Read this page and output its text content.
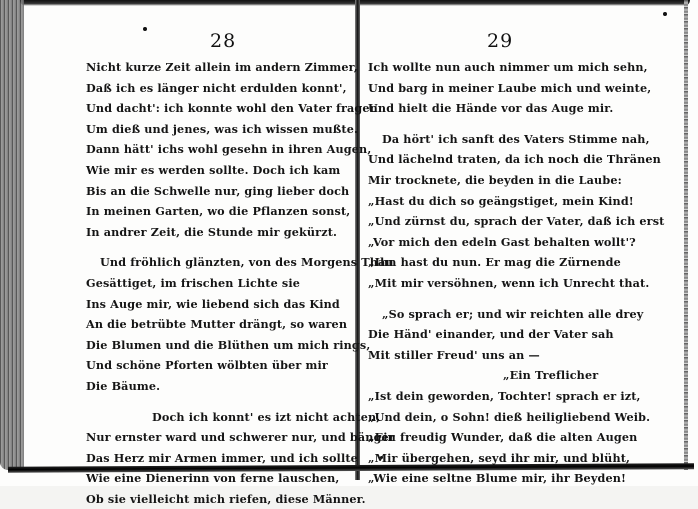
28
Nicht kurze Zeit allein im andern Zimmer,
Daß ich es länger nicht erdulden konnt',
Und dacht': ich konnte wohl den Vater fragen
Um dieß und jenes, was ich wissen mußte.
Dann hätt' ichs wohl gesehn in ihren Augen,
Wie mir es werden sollte. Doch ich kam
Bis an die Schwelle nur, ging lieber doch
In meinen Garten, wo die Pflanzen sonst,
In andrer Zeit, die Stunde mir gekürzt.
Und fröhlich glänzten, von des Morgens Thau
Gesättiget, im frischen Lichte sie
Ins Auge mir, wie liebend sich das Kind
An die betrübte Mutter drängt, so waren
Die Blumen und die Blüthen um mich rings,
Und schöne Pforten wölbten über mir
Die Bäume.
Doch ich konnt' es izt nicht achten,
Nur ernster ward und schwerer nur, und bänger
Das Herz mir Armen immer, und ich sollte
Wie eine Dienerinn von ferne lauschen,
Ob sie vielleicht mich riefen, diese Männer.
29
Ich wollte nun auch nimmer um mich sehn,
Und barg in meiner Laube mich und weinte,
Und hielt die Hände vor das Auge mir.
Da hört' ich sanft des Vaters Stimme nah,
Und lächelnd traten, da ich noch die Thränen
Mir trocknete, die beyden in die Laube:
„Hast du dich so geängstiget, mein Kind!
„Und zürnst du, sprach der Vater, daß ich erst
„Vor mich den edeln Gast behalten wollt'?
„Ihn hast du nun. Er mag die Zürnende
„Mit mir versöhnen, wenn ich Unrecht that.
„So sprach er; und wir reichten alle drey
Die Händ' einander, und der Vater sah
Mit stiller Freud' uns an —
„Ein Treflicher
„Ist dein geworden, Tochter! sprach er izt,
„Und dein, o Sohn! dieß heiligliebend Weib.
„Ein freudig Wunder, daß die alten Augen
„Mir übergehen, seyd ihr mir, und blüht,
„Wie eine seltne Blume mir, ihr Beyden!
